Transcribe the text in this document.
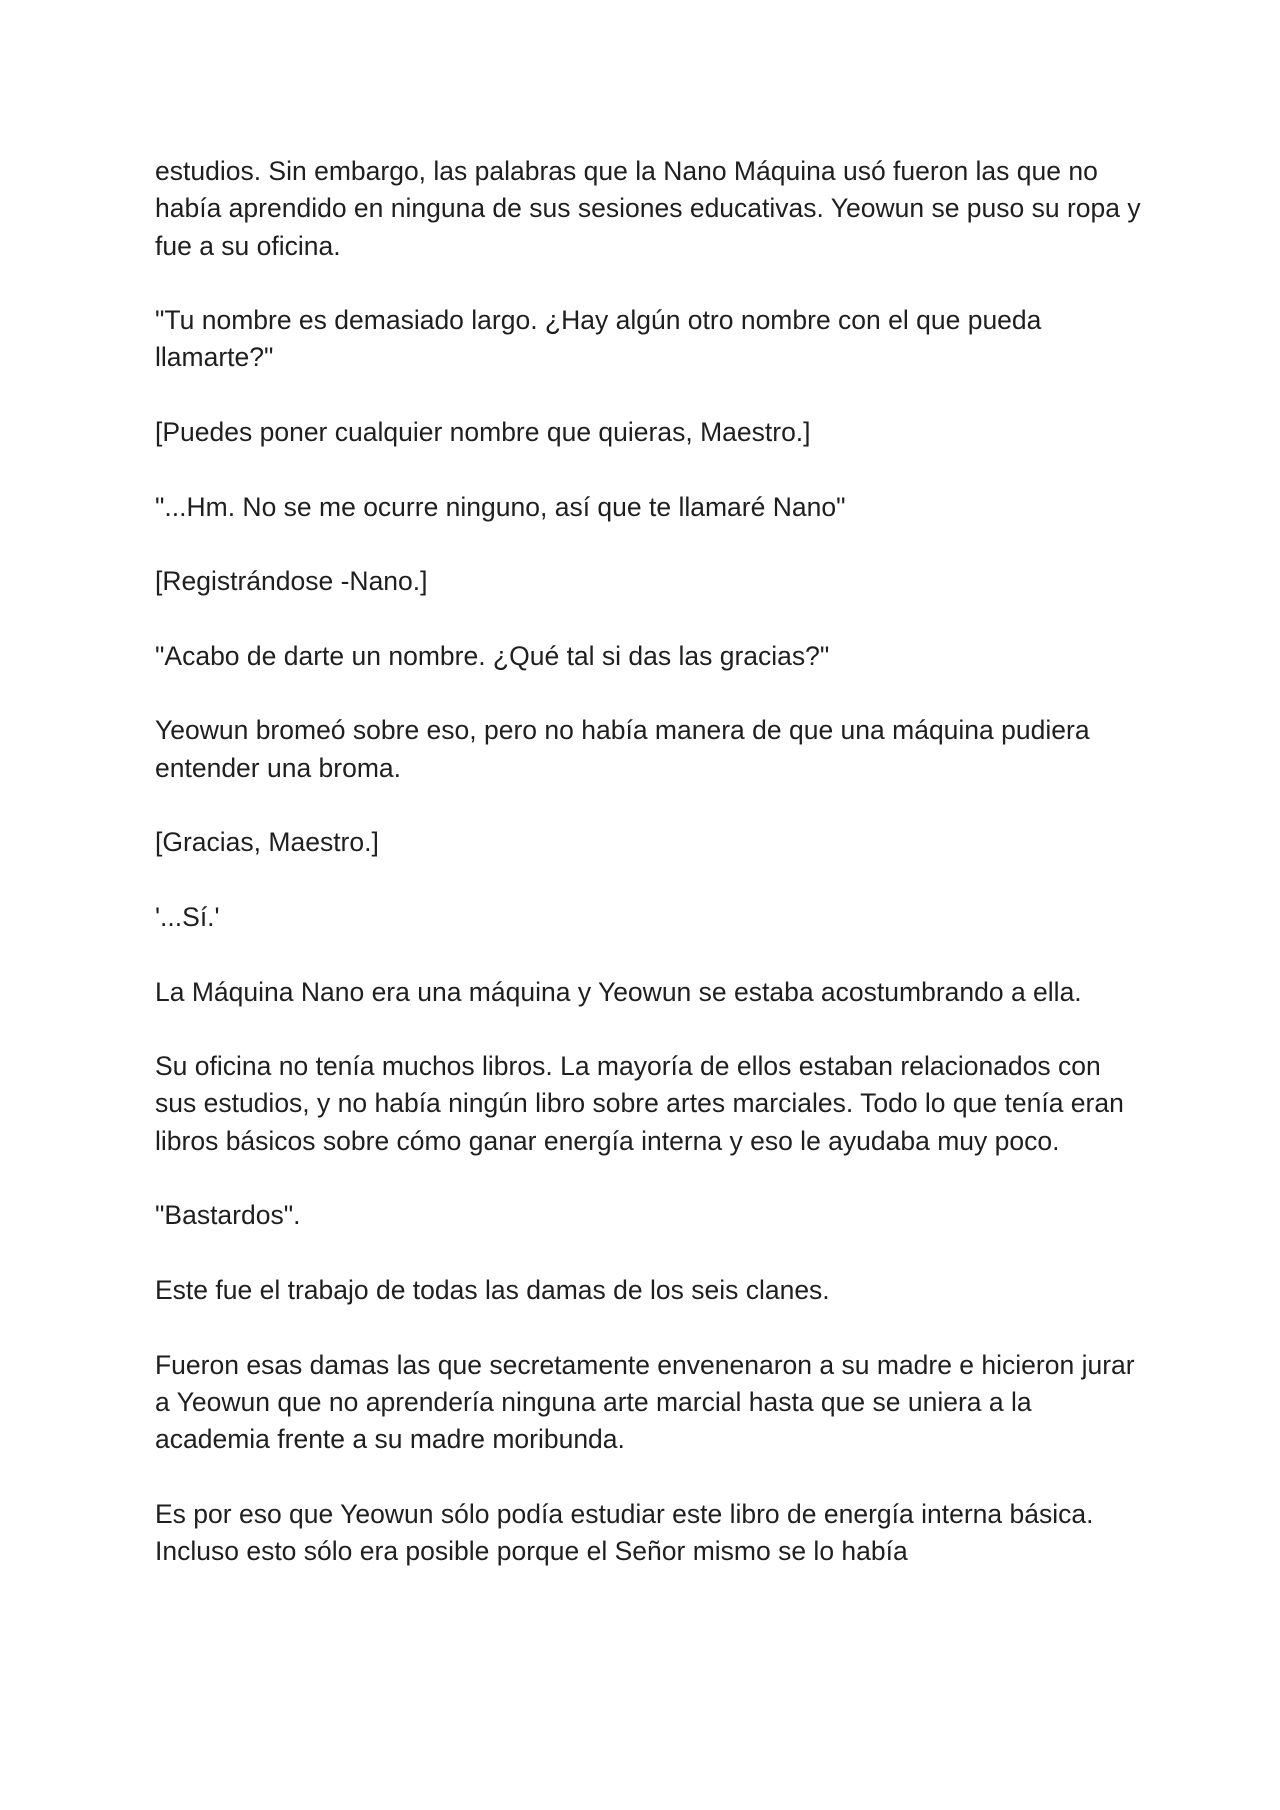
estudios. Sin embargo, las palabras que la Nano Máquina usó fueron las que no había aprendido en ninguna de sus sesiones educativas. Yeowun se puso su ropa y fue a su oficina.

"Tu nombre es demasiado largo. ¿Hay algún otro nombre con el que pueda llamarte?"

[Puedes poner cualquier nombre que quieras, Maestro.]

"...Hm. No se me ocurre ninguno, así que te llamaré Nano"

[Registrándose -Nano.]

"Acabo de darte un nombre. ¿Qué tal si das las gracias?"

Yeowun bromeó sobre eso, pero no había manera de que una máquina pudiera entender una broma.

[Gracias, Maestro.]

'...Sí.'

La Máquina Nano era una máquina y Yeowun se estaba acostumbrando a ella.

Su oficina no tenía muchos libros. La mayoría de ellos estaban relacionados con sus estudios, y no había ningún libro sobre artes marciales. Todo lo que tenía eran libros básicos sobre cómo ganar energía interna y eso le ayudaba muy poco.

"Bastardos".

Este fue el trabajo de todas las damas de los seis clanes.

Fueron esas damas las que secretamente envenenaron a su madre e hicieron jurar a Yeowun que no aprendería ninguna arte marcial hasta que se uniera a la academia frente a su madre moribunda.

Es por eso que Yeowun sólo podía estudiar este libro de energía interna básica. Incluso esto sólo era posible porque el Señor mismo se lo había
